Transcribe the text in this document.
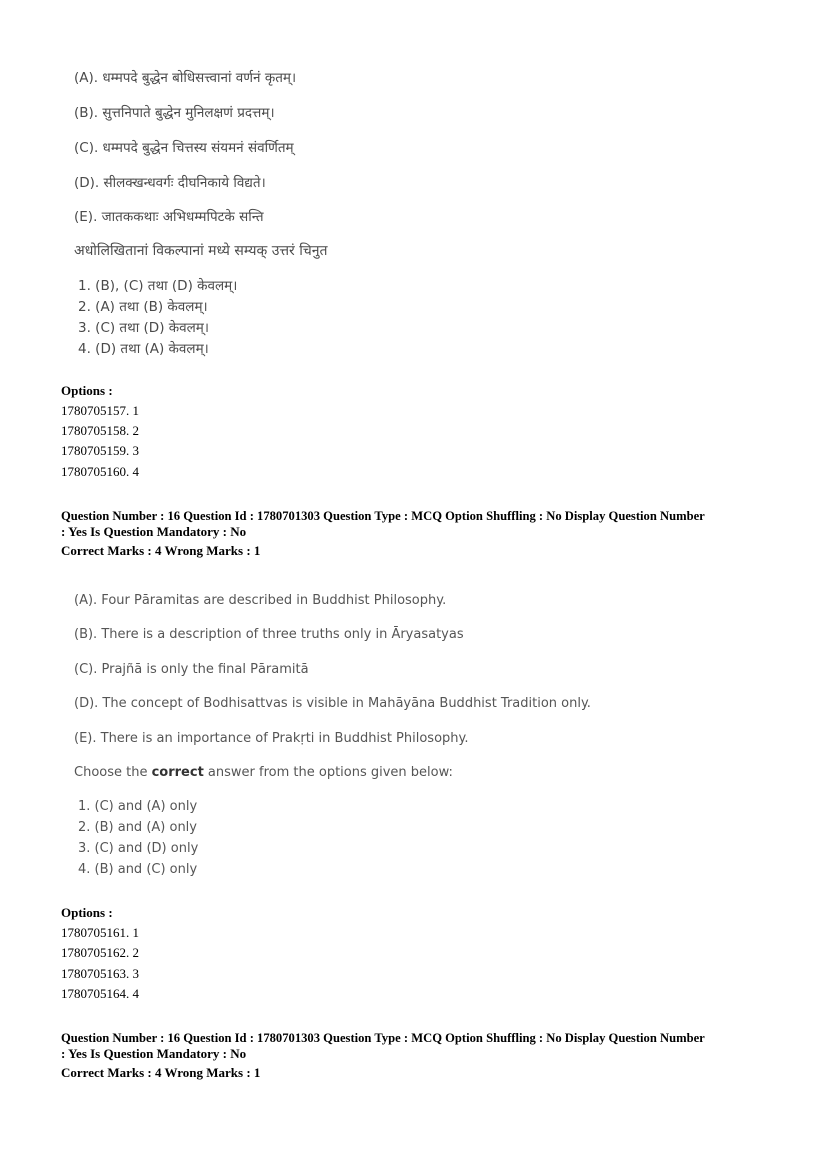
(A). धम्मपदे बुद्धेन बोधिसत्त्वानां वर्णनं कृतम्।
(B). सुत्तनिपाते बुद्धेन मुनिलक्षणं प्रदत्तम्।
(C). धम्मपदे बुद्धेन चित्तस्य संयमनं संवर्णितम्
(D). सीलक्खन्धवर्गः दीघनिकाये विद्यते।
(E). जातककथाः अभिधम्मपिटके सन्ति
अधोलिखितानां विकल्पानां मध्ये सम्यक् उत्तरं चिनुत
1. (B), (C) तथा (D) केवलम्।
2. (A) तथा (B) केवलम्।
3. (C) तथा (D) केवलम्।
4. (D) तथा (A) केवलम्।
Options :
1780705157. 1
1780705158. 2
1780705159. 3
1780705160. 4
Question Number : 16 Question Id : 1780701303 Question Type : MCQ Option Shuffling : No Display Question Number
: Yes Is Question Mandatory : No
Correct Marks : 4 Wrong Marks : 1
(A). Four Pāramitas are described in Buddhist Philosophy.
(B). There is a description of three truths only in Āryasatyas
(C). Prajñā is only the final Pāramitā
(D). The concept of Bodhisattvas is visible in Mahāyāna Buddhist Tradition only.
(E). There is an importance of Prakṛti in Buddhist Philosophy.
Choose the correct answer from the options given below:
1. (C) and (A) only
2. (B) and (A) only
3. (C) and (D) only
4. (B) and (C) only
Options :
1780705161. 1
1780705162. 2
1780705163. 3
1780705164. 4
Question Number : 16 Question Id : 1780701303 Question Type : MCQ Option Shuffling : No Display Question Number
: Yes Is Question Mandatory : No
Correct Marks : 4 Wrong Marks : 1
